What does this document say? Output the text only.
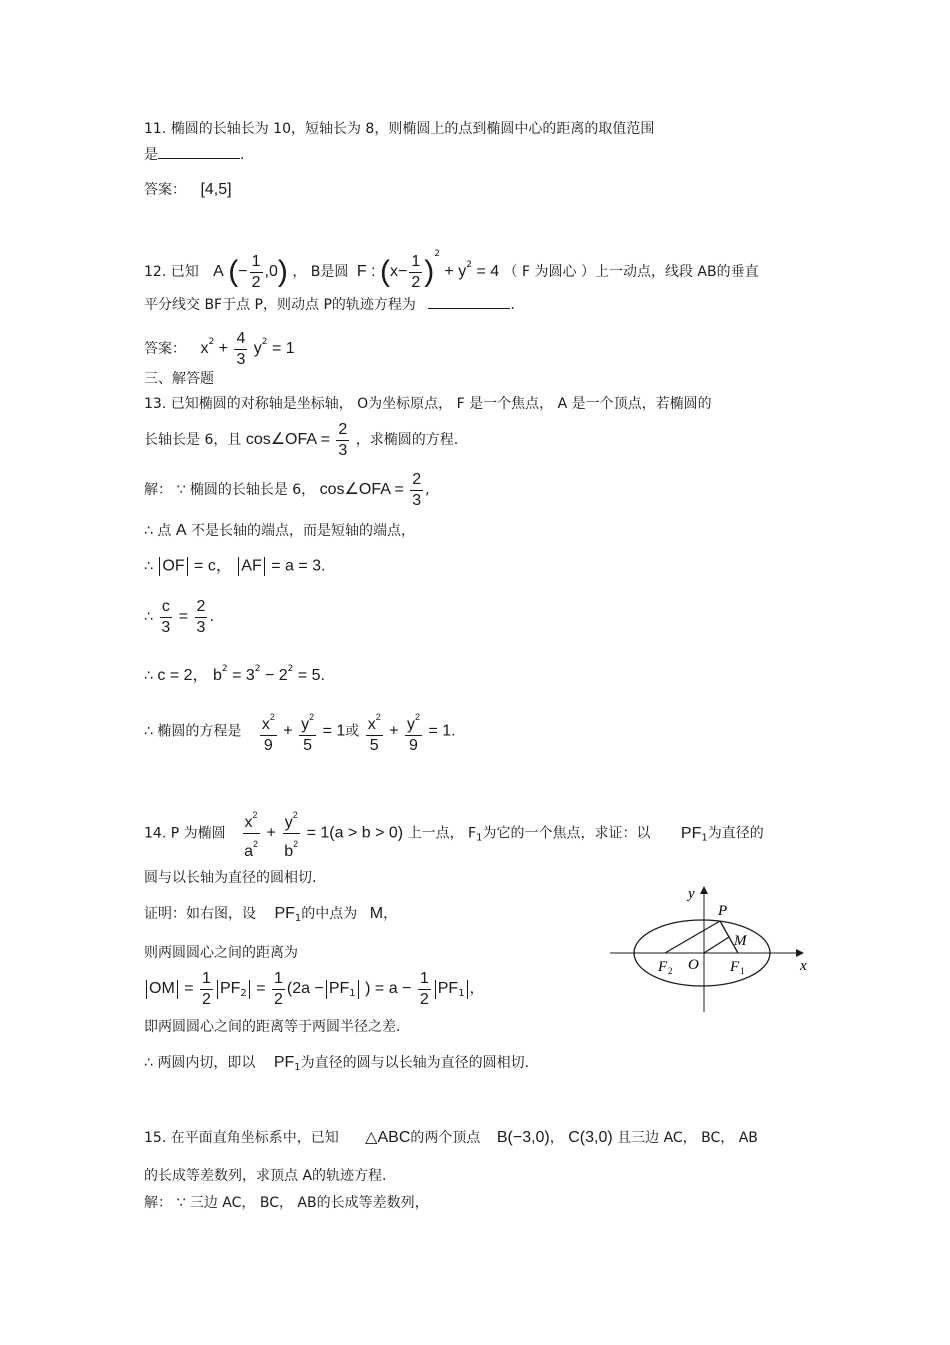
11. 椭圆的长轴长为 10，短轴长为 8，则椭圆上的点到椭圆中心的距离的取值范围
是	.
答案： [4,5]
12. 已知 A (− $\frac{1}{2} ,0$) ， B是圆 F : $(x- \frac{1}{2} )^2 + y^2 = 4$ （ F 为圆心 ）上一动点，线段 AB的垂直
平分线交 BF于点 P，则动点 P的轨迹方程为	.
答案： $x^2 + \frac{4}{3} y^2 = 1$
三、解答题
13. 已知椭圆的对称轴是坐标轴， O为坐标原点， F 是一个焦点， A 是一个顶点，若椭圆的
长轴长是 6，且 cos∠OFA = $\frac{2}{3}$ ，求椭圆的方程.
解： ∵ 椭圆的长轴长是 6， cos∠OFA = $\frac{2}{3}$ ,
∴ 点 A 不是长轴的端点，而是短轴的端点，
∴ OF = c， AF = a = 3.
∴ $\frac{c}{3} = \frac{2}{3}$ .
∴ c = 2， $b^2 = 3^2 - 2^2 = 5$.
∴ 椭圆的方程是 $\frac{x^2}{9} + \frac{y^2}{5} = 1$或 $\frac{x^2}{5} + \frac{y^2}{9} = 1$.
14. P 为椭圆 $\frac{x^2}{a^2} + \frac{y^2}{b^2} = 1(a > b > 0)$ 上一点， $F_1$为它的一个焦点，求证：以 $PF_1$为直径的
圆与以长轴为直径的圆相切.
证明：如右图，设 $PF_1$的中点为 M，
则两圆圆心之间的距离为
OM = $\frac{1}{2} PF_2 = \frac{1}{2} (2a - PF_1$ ) = $a - \frac{1}{2} PF_1$ ，
即两圆圆心之间的距离等于两圆半径之差.
∴ 两圆内切，即以 $PF_1$为直径的圆与以长轴为直径的圆相切.
y
x
P
M
F 2 O F 1
15. 在平面直角坐标系中，已知 △ABC的两个顶点 B(−3,0)， C(3,0) 且三边 AC， BC， AB
的长成等差数列，求顶点 A的轨迹方程.
解： ∵ 三边 AC， BC， AB的长成等差数列，
